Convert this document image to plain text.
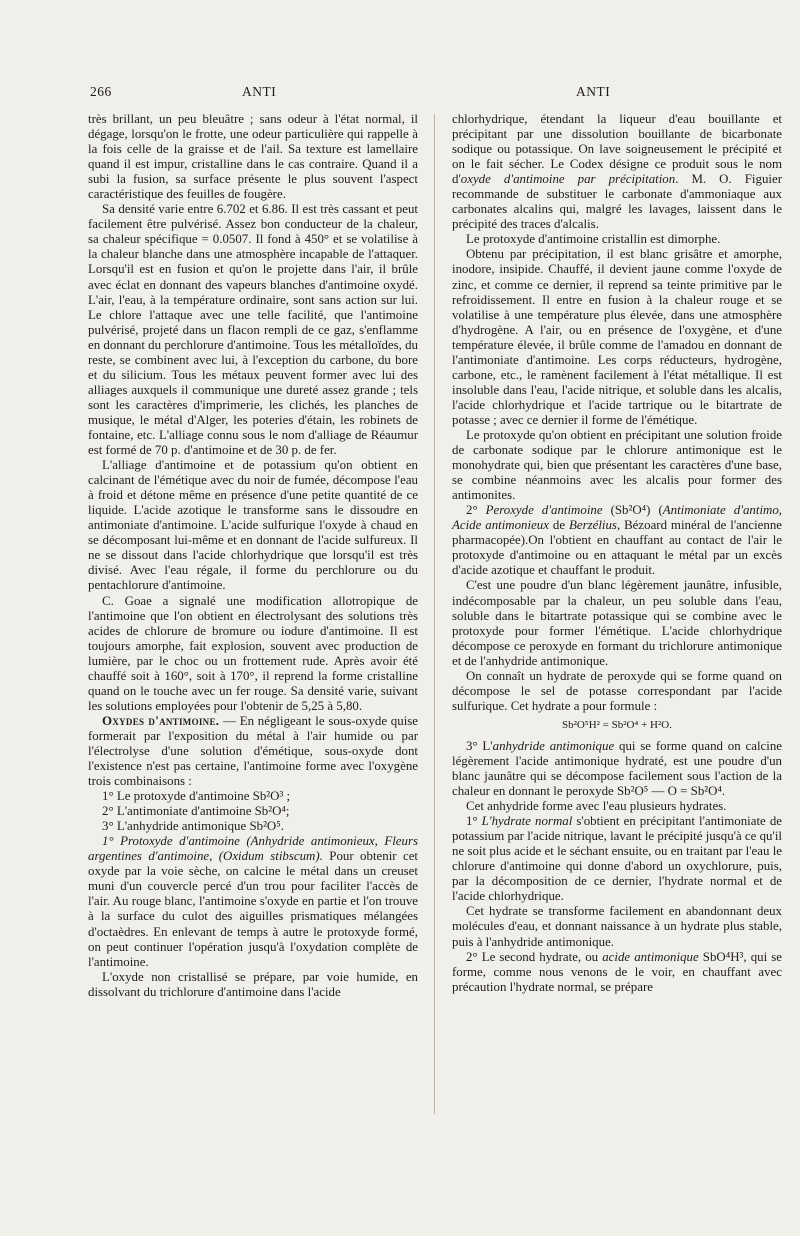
266	ANTI	ANTI

très brillant, un peu bleuâtre ; sans odeur à l'état normal, il dégage, lorsqu'on le frotte, une odeur particulière qui rappelle à la fois celle de la graisse et de l'ail. Sa texture est lamellaire quand il est impur, cristalline dans le cas contraire. Quand il a subi la fusion, sa surface présente le plus souvent l'aspect caractéristique des feuilles de fougère.

Sa densité varie entre 6.702 et 6.86. Il est très cassant et peut facilement être pulvérisé. Assez bon conducteur de la chaleur, sa chaleur spécifique = 0.0507. Il fond à 450° et se volatilise à la chaleur blanche dans une atmosphère incapable de l'attaquer. Lorsqu'il est en fusion et qu'on le projette dans l'air, il brûle avec éclat en donnant des vapeurs blanches d'antimoine oxydé. L'air, l'eau, à la température ordinaire, sont sans action sur lui. Le chlore l'attaque avec une telle facilité, que l'antimoine pulvérisé, projeté dans un flacon rempli de ce gaz, s'enflamme en donnant du perchlorure d'antimoine. Tous les métalloïdes, du reste, se combinent avec lui, à l'exception du carbone, du bore et du silicium. Tous les métaux peuvent former avec lui des alliages auxquels il communique une dureté assez grande ; tels sont les caractères d'imprimerie, les clichés, les planches de musique, le métal d'Alger, les poteries d'étain, les robinets de fontaine, etc. L'alliage connu sous le nom d'alliage de Réaumur est formé de 70 p. d'antimoine et de 30 p. de fer.

L'alliage d'antimoine et de potassium qu'on obtient en calcinant de l'émétique avec du noir de fumée, décompose l'eau à froid et détone même en présence d'une petite quantité de ce liquide. L'acide azotique le transforme sans le dissoudre en antimoniate d'antimoine. L'acide sulfurique l'oxyde à chaud en se décomposant lui-même et en donnant de l'acide sulfureux. Il ne se dissout dans l'acide chlorhydrique que lorsqu'il est très divisé. Avec l'eau régale, il forme du perchlorure ou du pentachlorure d'antimoine.

C. Goae a signalé une modification allotropique de l'antimoine que l'on obtient en électrolysant des solutions très acides de chlorure de bromure ou iodure d'antimoine. Il est toujours amorphe, fait explosion, souvent avec production de lumière, par le choc ou un frottement rude. Après avoir été chauffé soit à 160°, soit à 170°, il reprend la forme cristalline quand on le touche avec un fer rouge. Sa densité varie, suivant les solutions employées pour l'obtenir de 5,25 à 5,80.

Oxydes d'antimoine. — En négligeant le sous-oxyde quise formerait par l'exposition du métal à l'air humide ou par l'électrolyse d'une solution d'émétique, sous-oxyde dont l'existence n'est pas certaine, l'antimoine forme avec l'oxygène trois combinaisons :

1° Le protoxyde d'antimoine Sb²O³ ;

2° L'antimoniate d'antimoine Sb²O⁴;

3° L'anhydride antimonique Sb²O⁵.

1° Protoxyde d'antimoine (Anhydride antimonieux, Fleurs argentines d'antimoine, (Oxidum stibscum). Pour obtenir cet oxyde par la voie sèche, on calcine le métal dans un creuset muni d'un couvercle percé d'un trou pour faciliter l'accès de l'air. Au rouge blanc, l'antimoine s'oxyde en partie et l'on trouve à la surface du culot des aiguilles prismatiques mélangées d'octaèdres. En enlevant de temps à autre le protoxyde formé, on peut continuer l'opération jusqu'à l'oxydation complète de l'antimoine.

L'oxyde non cristallisé se prépare, par voie humide, en dissolvant du trichlorure d'antimoine dans l'acide

chlorhydrique, étendant la liqueur d'eau bouillante et précipitant par une dissolution bouillante de bicarbonate sodique ou potassique. On lave soigneusement le précipité et on le fait sécher. Le Codex désigne ce produit sous le nom d'oxyde d'antimoine par précipitation. M. O. Figuier recommande de substituer le carbonate d'ammoniaque aux carbonates alcalins qui, malgré les lavages, laissent dans le précipité des traces d'alcalis.

Le protoxyde d'antimoine cristallin est dimorphe.

Obtenu par précipitation, il est blanc grisâtre et amorphe, inodore, insipide. Chauffé, il devient jaune comme l'oxyde de zinc, et comme ce dernier, il reprend sa teinte primitive par le refroidissement. Il entre en fusion à la chaleur rouge et se volatilise à une température plus élevée, dans une atmosphère d'hydrogène. A l'air, ou en présence de l'oxygène, et d'une température élevée, il brûle comme de l'amadou en donnant de l'antimoniate d'antimoine. Les corps réducteurs, hydrogène, carbone, etc., le ramènent facilement à l'état métallique. Il est insoluble dans l'eau, l'acide nitrique, et soluble dans les alcalis, l'acide chlorhydrique et l'acide tartrique ou le bitartrate de potasse ; avec ce dernier il forme de l'émétique.

Le protoxyde qu'on obtient en précipitant une solution froide de carbonate sodique par le chlorure antimonique est le monohydrate qui, bien que présentant les caractères d'une base, se combine néanmoins avec les alcalis pour former des antimonites.

2° Peroxyde d'antimoine (Sb²O⁴) (Antimoniate d'antimo, Acide antimonieux de Berzélius, Bézoard minéral de l'ancienne pharmacopée).On l'obtient en chauffant au contact de l'air le protoxyde d'antimoine ou en attaquant le métal par un excès d'acide azotique et chauffant le produit.

C'est une poudre d'un blanc légèrement jaunâtre, infusible, indécomposable par la chaleur, un peu soluble dans l'eau, soluble dans le bitartrate potassique qui se combine avec le protoxyde pour former l'émétique. L'acide chlorhydrique décompose ce peroxyde en formant du trichlorure antimonique et de l'anhydride antimonique.

On connaît un hydrate de peroxyde qui se forme quand on décompose le sel de potasse correspondant par l'acide sulfurique. Cet hydrate a pour formule :

Sb²O⁵H² = Sb²O⁴ + H²O.

3° L'anhydride antimonique qui se forme quand on calcine légèrement l'acide antimonique hydraté, est une poudre d'un blanc jaunâtre qui se décompose facilement sous l'action de la chaleur en donnant le peroxyde Sb²O⁵ — O = Sb²O⁴.

Cet anhydride forme avec l'eau plusieurs hydrates.

1° L'hydrate normal s'obtient en précipitant l'antimoniate de potassium par l'acide nitrique, lavant le précipité jusqu'à ce qu'il ne soit plus acide et le séchant ensuite, ou en traitant par l'eau le chlorure d'antimoine qui donne d'abord un oxychlorure, puis, par la décomposition de ce dernier, l'hydrate normal et de l'acide chlorhydrique.

Cet hydrate se transforme facilement en abandonnant deux molécules d'eau, et donnant naissance à un hydrate plus stable, puis à l'anhydride antimonique.

2° Le second hydrate, ou acide antimonique SbO⁴H³, qui se forme, comme nous venons de le voir, en chauffant avec précaution l'hydrate normal, se prépare
